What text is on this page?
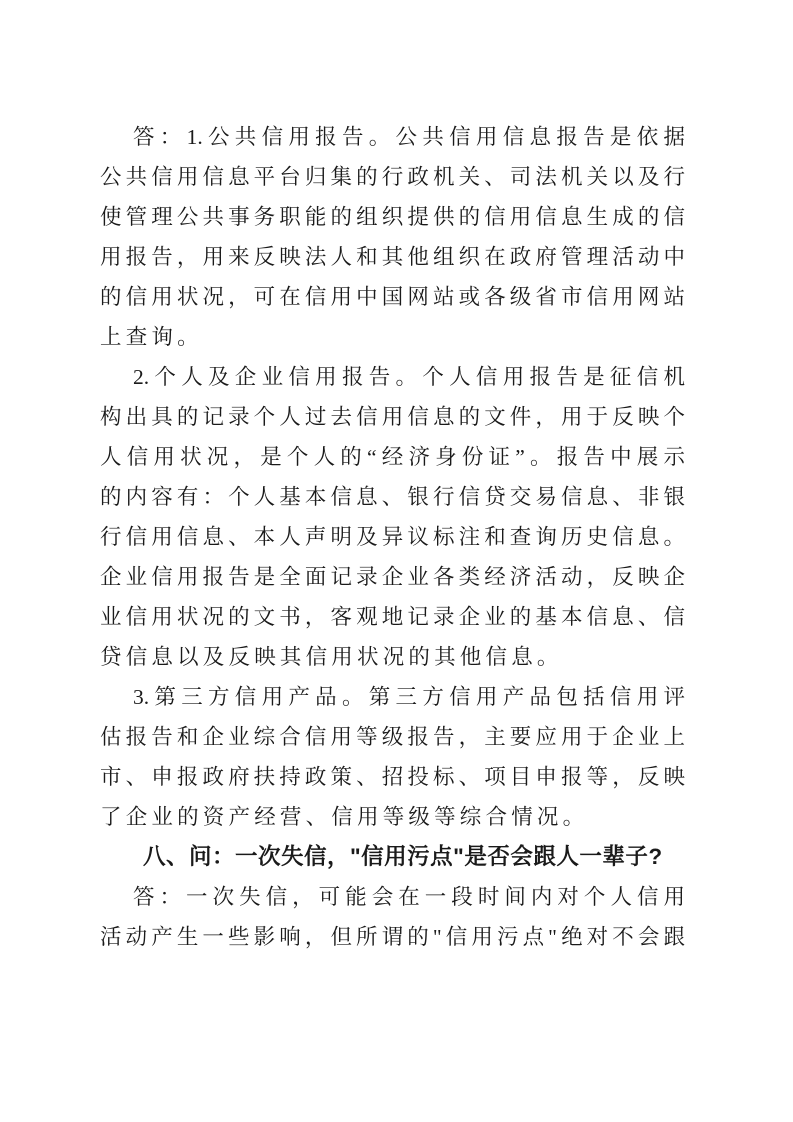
答：1.公共信用报告。公共信用信息报告是依据
公共信用信息平台归集的行政机关、司法机关以及行
使管理公共事务职能的组织提供的信用信息生成的信
用报告，用来反映法人和其他组织在政府管理活动中
的信用状况，可在信用中国网站或各级省市信用网站
上查询。
2.个人及企业信用报告。个人信用报告是征信机
构出具的记录个人过去信用信息的文件，用于反映个
人信用状况，是个人的“经济身份证”。报告中展示
的内容有：个人基本信息、银行信贷交易信息、非银
行信用信息、本人声明及异议标注和查询历史信息。
企业信用报告是全面记录企业各类经济活动，反映企
业信用状况的文书，客观地记录企业的基本信息、信
贷信息以及反映其信用状况的其他信息。
3.第三方信用产品。第三方信用产品包括信用评
估报告和企业综合信用等级报告，主要应用于企业上
市、申报政府扶持政策、招投标、项目申报等，反映
了企业的资产经营、信用等级等综合情况。
八、问：一次失信，"信用污点"是否会跟人一辈子?
答：一次失信，可能会在一段时间内对个人信用
活动产生一些影响，但所谓的"信用污点"绝对不会跟
